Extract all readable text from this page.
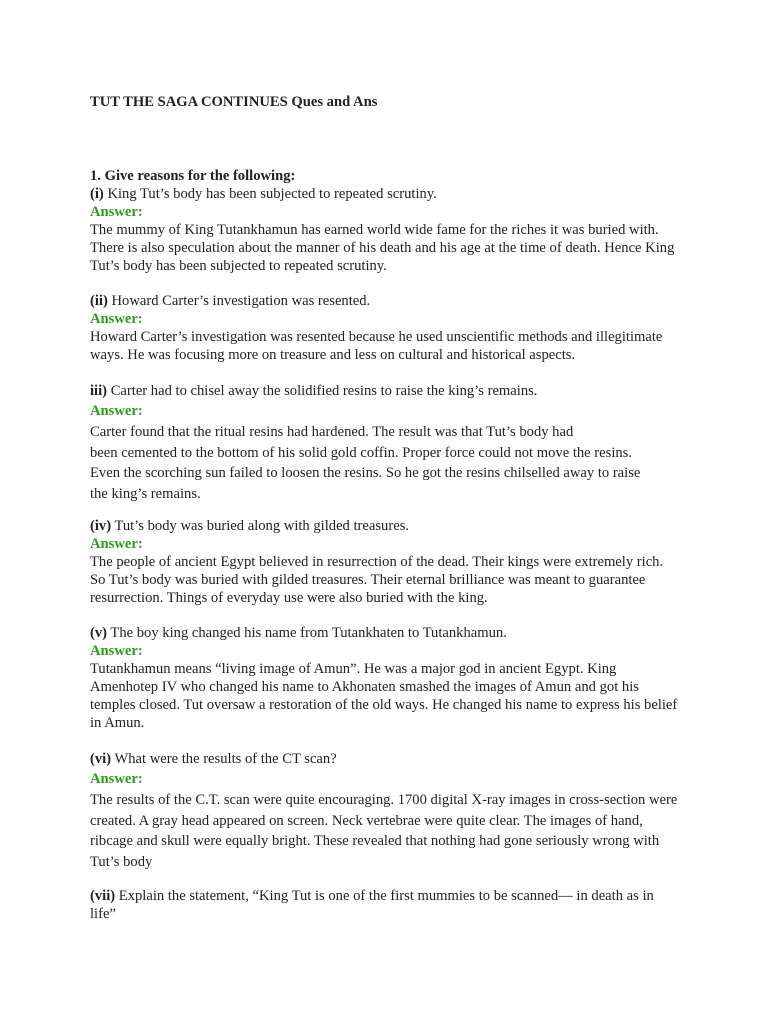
TUT THE SAGA CONTINUES Ques and Ans
1. Give reasons for the following:
(i) King Tut’s body has been subjected to repeated scrutiny.
Answer:
The mummy of King Tutankhamun has earned world wide fame for the riches it was buried with. There is also speculation about the manner of his death and his age at the time of death. Hence King Tut’s body has been subjected to repeated scrutiny.
(ii) Howard Carter’s investigation was resented.
Answer:
Howard Carter’s investigation was resented because he used unscientific methods and illegitimate ways. He was focusing more on treasure and less on cultural and historical aspects.
iii) Carter had to chisel away the solidified resins to raise the king’s remains.
Answer:
Carter found that the ritual resins had hardened. The result was that Tut’s body had
been cemented to the bottom of his solid gold coffin. Proper force could not move the resins.
Even the scorching sun failed to loosen the resins. So he got the resins chilselled away to raise
the king’s remains.
(iv) Tut’s body was buried along with gilded treasures.
Answer:
The people of ancient Egypt believed in resurrection of the dead. Their kings were extremely rich. So Tut’s body was buried with gilded treasures. Their eternal brilliance was meant to guarantee resurrection. Things of everyday use were also buried with the king.
(v) The boy king changed his name from Tutankhaten to Tutankhamun.
Answer:
Tutankhamun means “living image of Amun”. He was a major god in ancient Egypt. King Amenhotep IV who changed his name to Akhonaten smashed the images of Amun and got his temples closed. Tut oversaw a restoration of the old ways. He changed his name to express his belief in Amun.
(vi) What were the results of the CT scan?
Answer:
The results of the C.T. scan were quite encouraging. 1700 digital X-ray images in cross-section were created. A gray head appeared on screen. Neck vertebrae were quite clear. The images of hand, ribcage and skull were equally bright. These revealed that nothing had gone seriously wrong with Tut’s body
(vii) Explain the statement, “King Tut is one of the first mummies to be scanned— in death as in life”
